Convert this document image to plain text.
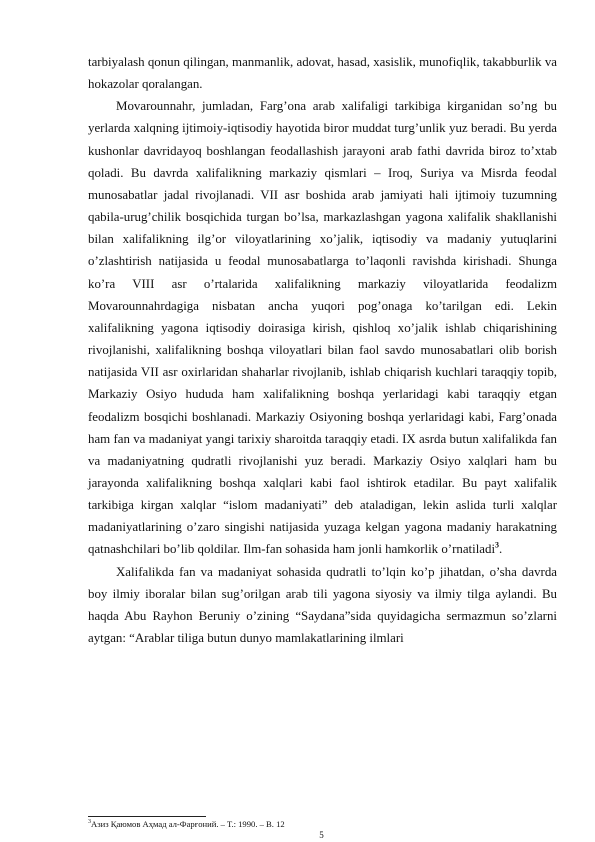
tarbiyalash qonun qilingan, manmanlik, adovat, hasad, xasislik, munofiqlik, takabburlik va hokazolar qoralangan.

Movarounnahr, jumladan, Farg’ona arab xalifaligi tarkibiga kirganidan so’ng bu yerlarda xalqning ijtimoiy-iqtisodiy hayotida biror muddat turg’unlik yuz beradi. Bu yerda kushonlar davridayoq boshlangan feodallashish jarayoni arab fathi davrida biroz to’xtab qoladi. Bu davrda xalifalikning markaziy qismlari – Iroq, Suriya va Misrda feodal munosabatlar jadal rivojlanadi. VII asr boshida arab jamiyati hali ijtimoiy tuzumning qabila-urug’chilik bosqichida turgan bo’lsa, markazlashgan yagona xalifalik shakllanishi bilan xalifalikning ilg’or viloyatlarining xo’jalik, iqtisodiy va madaniy yutuqlarini o’zlashtirish natijasida u feodal munosabatlarga to’laqonli ravishda kirishadi. Shunga ko’ra VIII asr o’rtalarida xalifalikning markaziy viloyatlarida feodalizm Movarounnahrdagiga nisbatan ancha yuqori pog’onaga ko’tarilgan edi. Lekin xalifalikning yagona iqtisodiy doirasiga kirish, qishloq xo’jalik ishlab chiqarishining rivojlanishi, xalifalikning boshqa viloyatlari bilan faol savdo munosabatlari olib borish natijasida VII asr oxirlaridan shaharlar rivojlanib, ishlab chiqarish kuchlari taraqqiy topib, Markaziy Osiyo hududa ham xalifalikning boshqa yerlaridagi kabi taraqqiy etgan feodalizm bosqichi boshlanadi. Markaziy Osiyoning boshqa yerlaridagi kabi, Farg’onada ham fan va madaniyat yangi tarixiy sharoitda taraqqiy etadi. IX asrda butun xalifalikda fan va madaniyatning qudratli rivojlanishi yuz beradi. Markaziy Osiyo xalqlari ham bu jarayonda xalifalikning boshqa xalqlari kabi faol ishtirok etadilar. Bu payt xalifalik tarkibiga kirgan xalqlar “islom madaniyati” deb ataladigan, lekin aslida turli xalqlar madaniyatlarining o’zaro singishi natijasida yuzaga kelgan yagona madaniy harakatning qatnashchilari bo’lib qoldilar. Ilm-fan sohasida ham jonli hamkorlik o’rnatiladi$^3$.

Xalifalikda fan va madaniyat sohasida qudratli to’lqin ko’p jihatdan, o’sha davrda boy ilmiy iboralar bilan sug’orilgan arab tili yagona siyosiy va ilmiy tilga aylandi. Bu haqda Abu Rayhon Beruniy o’zining “Saydana”sida quyidagicha sermazmun so’zlarni aytgan: “Arablar tiliga butun dunyo mamlakatlarining ilmlari

$^3$Азиз Қаюмов Аҳмад ал-Фарғоний. – Т.: 1990. – B. 12
5
